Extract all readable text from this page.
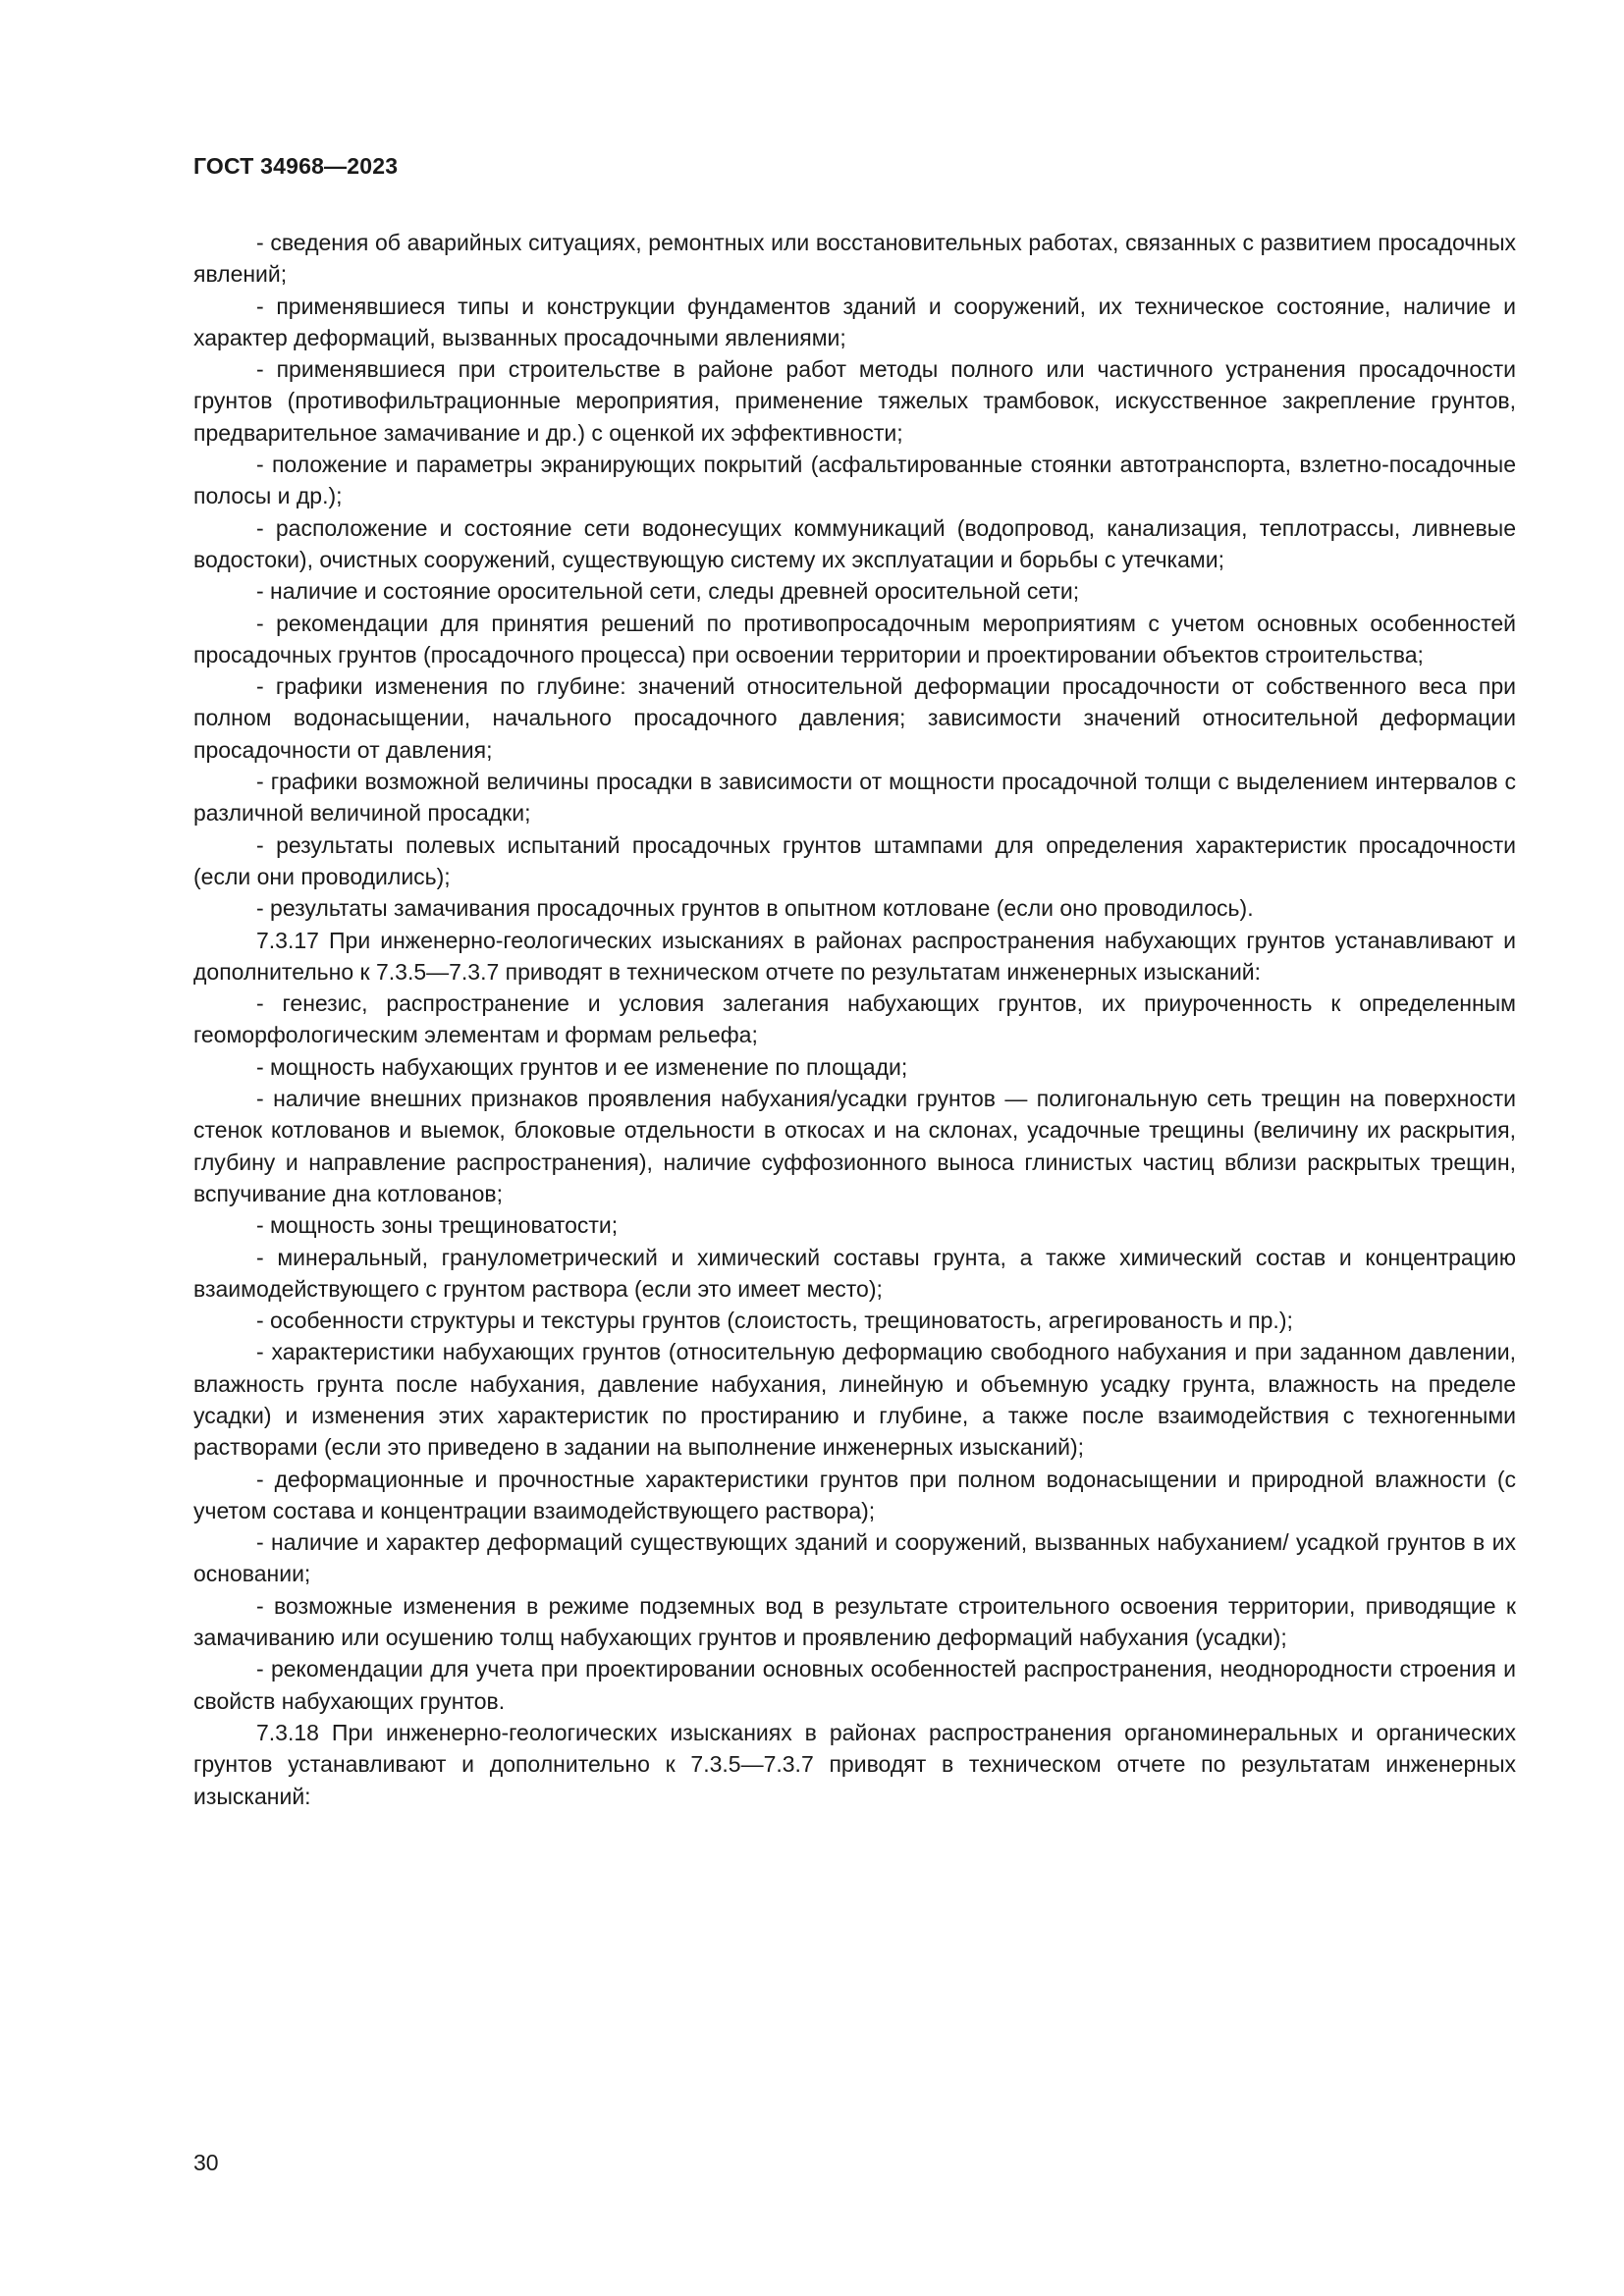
ГОСТ 34968—2023

- сведения об аварийных ситуациях, ремонтных или восстановительных работах, связанных с развитием просадочных явлений;

- применявшиеся типы и конструкции фундаментов зданий и сооружений, их техническое состояние, наличие и характер деформаций, вызванных просадочными явлениями;

- применявшиеся при строительстве в районе работ методы полного или частичного устранения просадочности грунтов (противофильтрационные мероприятия, применение тяжелых трамбовок, искусственное закрепление грунтов, предварительное замачивание и др.) с оценкой их эффективности;

- положение и параметры экранирующих покрытий (асфальтированные стоянки автотранспорта, взлетно-посадочные полосы и др.);

- расположение и состояние сети водонесущих коммуникаций (водопровод, канализация, теплотрассы, ливневые водостоки), очистных сооружений, существующую систему их эксплуатации и борьбы с утечками;

- наличие и состояние оросительной сети, следы древней оросительной сети;

- рекомендации для принятия решений по противопросадочным мероприятиям с учетом основных особенностей просадочных грунтов (просадочного процесса) при освоении территории и проектировании объектов строительства;

- графики изменения по глубине: значений относительной деформации просадочности от собственного веса при полном водонасыщении, начального просадочного давления; зависимости значений относительной деформации просадочности от давления;

- графики возможной величины просадки в зависимости от мощности просадочной толщи с выделением интервалов с различной величиной просадки;

- результаты полевых испытаний просадочных грунтов штампами для определения характеристик просадочности (если они проводились);

- результаты замачивания просадочных грунтов в опытном котловане (если оно проводилось).

7.3.17 При инженерно-геологических изысканиях в районах распространения набухающих грунтов устанавливают и дополнительно к 7.3.5—7.3.7 приводят в техническом отчете по результатам инженерных изысканий:

- генезис, распространение и условия залегания набухающих грунтов, их приуроченность к определенным геоморфологическим элементам и формам рельефа;

- мощность набухающих грунтов и ее изменение по площади;

- наличие внешних признаков проявления набухания/усадки грунтов — полигональную сеть трещин на поверхности стенок котлованов и выемок, блоковые отдельности в откосах и на склонах, усадочные трещины (величину их раскрытия, глубину и направление распространения), наличие суффозионного выноса глинистых частиц вблизи раскрытых трещин, вспучивание дна котлованов;

- мощность зоны трещиноватости;

- минеральный, гранулометрический и химический составы грунта, а также химический состав и концентрацию взаимодействующего с грунтом раствора (если это имеет место);

- особенности структуры и текстуры грунтов (слоистость, трещиноватость, агрегированость и пр.);

- характеристики набухающих грунтов (относительную деформацию свободного набухания и при заданном давлении, влажность грунта после набухания, давление набухания, линейную и объемную усадку грунта, влажность на пределе усадки) и изменения этих характеристик по простиранию и глубине, а также после взаимодействия с техногенными растворами (если это приведено в задании на выполнение инженерных изысканий);

- деформационные и прочностные характеристики грунтов при полном водонасыщении и природной влажности (с учетом состава и концентрации взаимодействующего раствора);

- наличие и характер деформаций существующих зданий и сооружений, вызванных набуханием/ усадкой грунтов в их основании;

- возможные изменения в режиме подземных вод в результате строительного освоения территории, приводящие к замачиванию или осушению толщ набухающих грунтов и проявлению деформаций набухания (усадки);

- рекомендации для учета при проектировании основных особенностей распространения, неоднородности строения и свойств набухающих грунтов.

7.3.18 При инженерно-геологических изысканиях в районах распространения органоминеральных и органических грунтов устанавливают и дополнительно к 7.3.5—7.3.7 приводят в техническом отчете по результатам инженерных изысканий:

30
